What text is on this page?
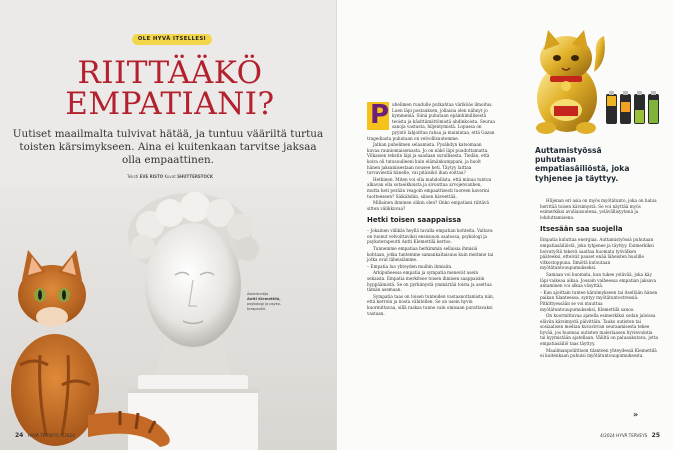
OLE HYVÄ ITSELLESI
RIITTÄÄKÖ
EMPATIANI?
Uutiset maailmalta tulvivat hätää, ja tuntuu vääriltä turtua toisten kärsimykseen. Aina ei kuitenkaan tarvitse jaksaa olla empaattinen.
Teksti EVE RISTO Kuvat SHUTTERSTOCK
Asiantuntija
Antti Klemettilä,
psykologi ja psyko-
terapeutti.
24 HYVÄ TERVEYS 4/2024
P uhelimen ruudulle putkahtaa väriköäs ilmoitus. Luen läpi postauksen, jollaisia olen nähnyt jo kymmeniä. Siinä puhutaan epäinhimillisestä teoista ja käsittämättömistä ahdinkoista. Seuraa sanoja vastusta, hiljentymistä. Lopussa on pyyntö lahjoittaa rahaa ja mainintaa, että Gazan tragediasta puhutaan on velvollisuutemme.

Jatkan puhelimen selaamista. Pysähdyn katsomaan kuvaa rauniomaisemasta. Jo on näkö läpi puuduttamatta. Vilkaisen tekstin läpi ja saadaan surullisesta. Tiedän, että koira oli tutusuulleeni kuin elämänkumppani, ja huolt hänen jaksamisestaan nousee heti. Täytyy laittaa turvaviestiä hänelle, vai pitäisikö ihan soittaa?

Hetkinen. Miten voi olla mahdollista, että minua tuntuu alkavan olla sotaeikkoista ja sivuuttaa arvojenvanhen, mutta heti perään reagoin empaattisesti tuoreen kaverini tuotteeseen? Säikähdän, siinen häveettää.

Millainen ihminen olikin olen? Onko empatiani riittävä sitten välikkuvaa?

Hetki toisen saappaissa

– Jokainen välikäs heyllä tavalla empatian kohteita. Valtava on tuonut velvoittaviksi ensisuuon saatossa, psykologi ja psykoterapeutti Antti Klemettilä kertoo.

Tunnemme empatiaa herkimmin sellaisia ihmisiä kohtaan, jotka tuntemme samankaltaisuus kuin meitnne tai jotka ovat läheisiämme.

– Empatia luo yhteyden muihin ihmisiin.

Arkipuheessa empatia ja sympatia menevät usein sekaisin. Empatia merkitsee toisen ihmisen saappaisiin hyppäämistä. Se on pyrkimystä ymmärtää toista ja asettua tämän asemaan.

Sympatia taas on toisen tunteiden vastaanottamista niin, että kerroin ja nosta vähitellen. Se on usein hyvin kuormittavaa, sillä raskas tunne vain omisaan purattavaksi vastaan.

Auttamistyössä puhutaan empatiasäiliöstä, joka tyhjenee ja täyttyy.

Hiljenan eri asia on myös myötätunto, joka on halua herittää toisen kärsimystä. Se voi näyttää myös esimerkiksi avuliaisuutena, ystävällisyytenä ja lohduttamisena.

Itsesään saa suojella

Empatia kuluttaa energiaa. Auttamistyössä puhutaan empatiasäiliöstä, joka tyhjenee ja täyttyy. Esimerkiksi hoivatyötä tekevä saattaa huomata työvälken pääteeksi, etteivät pauset enää läheisten huolille vitkostoppuna. Ilmiötä kutsutaan myötätuntouupumukseksi.

Samaan voi huomata, kun tukee ystävää, joka käy läpi vaikeaa aikaa. Jossain vaiheessa empatian jaksava antaminen voi alkaa väsyttää.

– Kun ajoittain tuntee kärsimykseen tai itseltään hänen paikan tilanteessa, syntyy myötätuntostressiä. Pitkittyessään se voi muuttua myötätuntouupumukseksi, Klemettilä sanoo.

On kuormittavaa ajatella esimerkiksi sodan jaloissa eläviin kärsimystä päivittäin. Tauko uutisten tai sosiaalisen median kuvavirran seuraamisesta tekee hyvää, jos huomaa uutisten maleriaasen hyvinvointia tai kyymistään ajatellaan. Väliltä on paluaukutava, jotta empatiasäiliö taas täyttyy.

Maailmanpoliittisen tilanteen yhteydessä Klemettilä ei kuitenkaan puhuisi myötätuntouupumuksesta.

»
4/2024 HYVÄ TERVEYS 25
